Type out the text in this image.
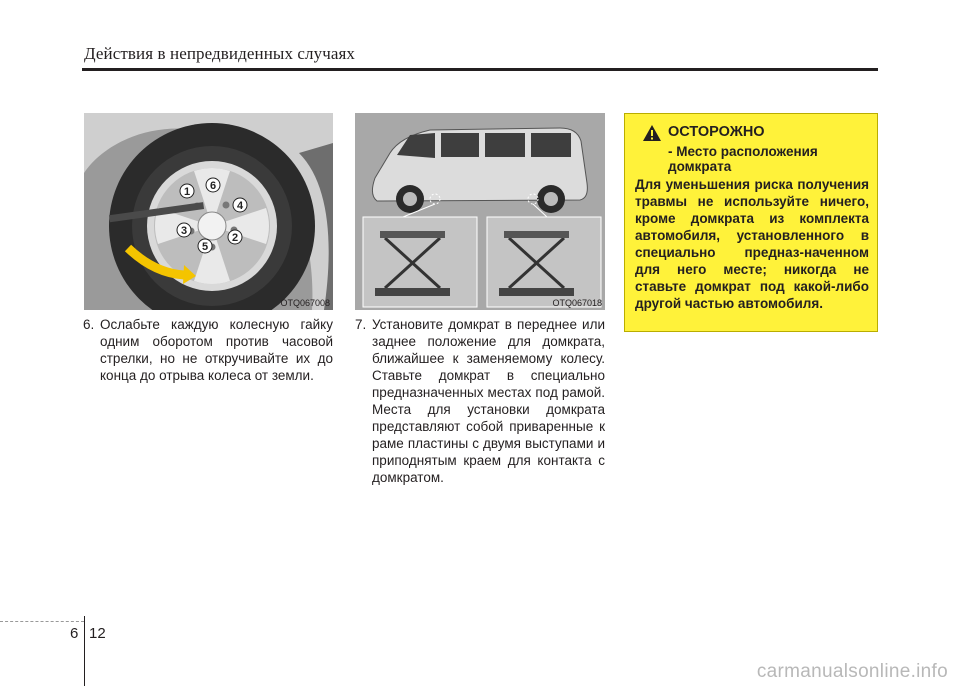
Действия в непредвиденных случаях
1
2
3
4
5
6
OTQ067008	OTQ067018
6. Ослабьте каждую колесную гайку одним оборотом против часовой стрелки, но не откручивайте их до конца до отрыва колеса от земли.
7. Установите домкрат в переднее или заднее положение для домкрата, ближайшее к заменяемому колесу. Ставьте домкрат в специально предназначенных местах под рамой. Места для установки домкрата представляют собой приваренные к раме пластины с двумя выступами и приподнятым краем для контакта с домкратом.
ОСТОРОЖНО
- Место расположения домкрата
Для уменьшения риска получения травмы не используйте ничего, кроме домкрата из комплекта автомобиля, установленного в специально предназ-наченном для него месте; никогда не ставьте домкрат под какой-либо другой частью автомобиля.
6 12
carmanualsonline.info
